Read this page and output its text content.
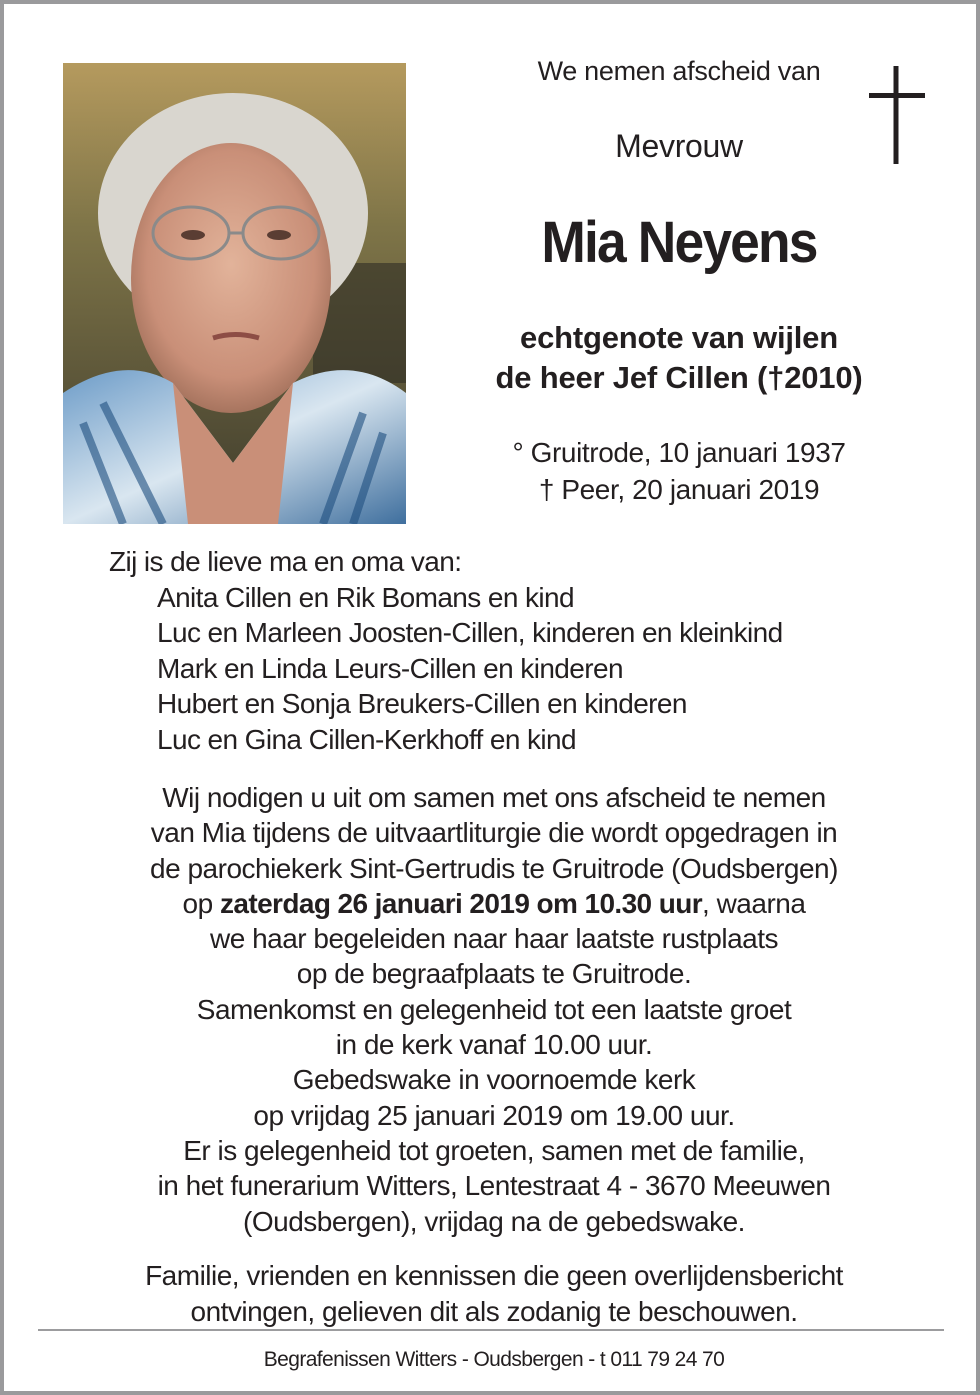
We nemen afscheid van
Mevrouw
Mia Neyens
echtgenote van wijlen
de heer Jef Cillen (†2010)
° Gruitrode, 10 januari 1937
† Peer, 20 januari 2019
Zij is de lieve ma en oma van:
Anita Cillen en Rik Bomans en kind
Luc en Marleen Joosten-Cillen, kinderen en kleinkind
Mark en Linda Leurs-Cillen en kinderen
Hubert en Sonja Breukers-Cillen en kinderen
Luc en Gina Cillen-Kerkhoff en kind
Wij nodigen u uit om samen met ons afscheid te nemen
van Mia tijdens de uitvaartliturgie die wordt opgedragen in
de parochiekerk Sint-Gertrudis te Gruitrode (Oudsbergen)
op zaterdag 26 januari 2019 om 10.30 uur, waarna
we haar begeleiden naar haar laatste rustplaats
op de begraafplaats te Gruitrode.
Samenkomst en gelegenheid tot een laatste groet
in de kerk vanaf 10.00 uur.
Gebedswake in voornoemde kerk
op vrijdag 25 januari 2019 om 19.00 uur.
Er is gelegenheid tot groeten, samen met de familie,
in het funerarium Witters, Lentestraat 4 - 3670 Meeuwen
(Oudsbergen), vrijdag na de gebedswake.
Familie, vrienden en kennissen die geen overlijdensbericht
ontvingen, gelieven dit als zodanig te beschouwen.
Begrafenissen Witters - Oudsbergen - t 011 79 24 70
